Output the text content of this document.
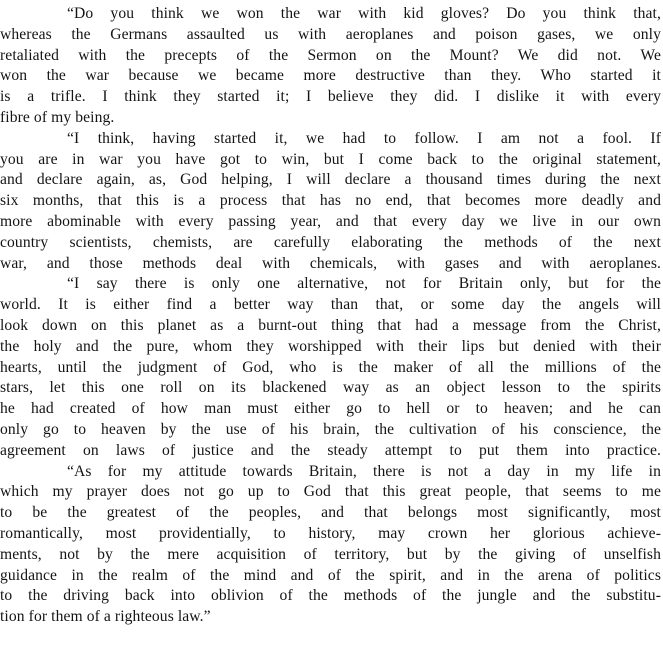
“Do you think we won the war with kid gloves? Do you think that,
whereas the Germans assaulted us with aeroplanes and poison gases, we only
retaliated with the precepts of the Sermon on the Mount? We did not. We
won the war because we became more destructive than they. Who started it
is a trifle. I think they started it; I believe they did. I dislike it with every
fibre of my being.
“I think, having started it, we had to follow. I am not a fool. If
you are in war you have got to win, but I come back to the original statement,
and declare again, as, God helping, I will declare a thousand times during the next
six months, that this is a process that has no end, that becomes more deadly and
more abominable with every passing year, and that every day we live in our own
country scientists, chemists, are carefully elaborating the methods of the next
war, and those methods deal with chemicals, with gases and with aeroplanes.
“I say there is only one alternative, not for Britain only, but for the
world. It is either find a better way than that, or some day the angels will
look down on this planet as a burnt-out thing that had a message from the Christ,
the holy and the pure, whom they worshipped with their lips but denied with their
hearts, until the judgment of God, who is the maker of all the millions of the
stars, let this one roll on its blackened way as an object lesson to the spirits
he had created of how man must either go to hell or to heaven; and he can
only go to heaven by the use of his brain, the cultivation of his conscience, the
agreement on laws of justice and the steady attempt to put them into practice.
“As for my attitude towards Britain, there is not a day in my life in
which my prayer does not go up to God that this great people, that seems to me
to be the greatest of the peoples, and that belongs most significantly, most
romantically, most providentially, to history, may crown her glorious achieve-
ments, not by the mere acquisition of territory, but by the giving of unselfish
guidance in the realm of the mind and of the spirit, and in the arena of politics
to the driving back into oblivion of the methods of the jungle and the substitu-
tion for them of a righteous law.”
